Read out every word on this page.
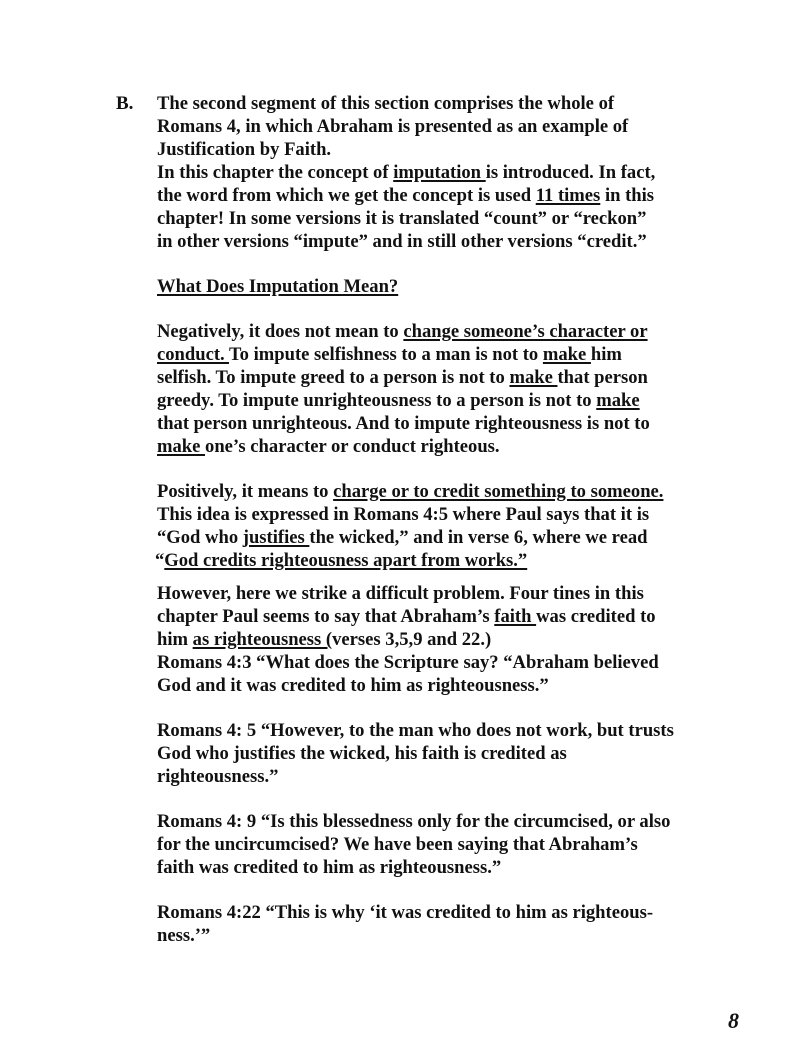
B. The second segment of this section comprises the whole of
Romans 4, in which Abraham is presented as an example of
Justification by Faith.
In this chapter the concept of imputation is introduced. In fact,
the word from which we get the concept is used 11 times in this
chapter! In some versions it is translated “count” or “reckon”
in other versions “impute” and in still other versions “credit.”
What Does Imputation Mean?
Negatively, it does not mean to change someone’s character or
conduct. To impute selfishness to a man is not to make him
selfish. To impute greed to a person is not to make that person
greedy. To impute unrighteousness to a person is not to make
that person unrighteous. And to impute righteousness is not to
make one’s character or conduct righteous.
Positively, it means to charge or to credit something to someone.
This idea is expressed in Romans 4:5 where Paul says that it is
“God who justifies the wicked,” and in verse 6, where we read
“God credits righteousness apart from works.”
However, here we strike a difficult problem. Four tines in this
chapter Paul seems to say that Abraham’s faith was credited to
him as righteousness (verses 3,5,9 and 22.)
Romans 4:3 “What does the Scripture say? “Abraham believed
God and it was credited to him as righteousness.”
Romans 4: 5 “However, to the man who does not work, but trusts
God who justifies the wicked, his faith is credited as
righteousness.”
Romans 4: 9 “Is this blessedness only for the circumcised, or also
for the uncircumcised? We have been saying that Abraham’s
faith was credited to him as righteousness.”
Romans 4:22 “This is why ‘it was credited to him as righteous-
ness.’”
8
